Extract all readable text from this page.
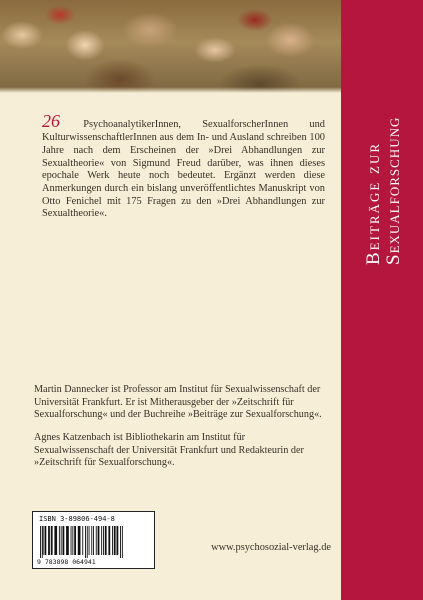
Beiträge zur Sexualforschung

26 PsychoanalytikerInnen, SexualforscherInnen und KulturwissenschaftlerInnen aus dem In- und Ausland schreiben 100 Jahre nach dem Erscheinen der »Drei Abhandlungen zur Sexualtheorie« von Sigmund Freud darüber, was ihnen dieses epochale Werk heute noch bedeutet. Ergänzt werden diese Anmerkungen durch ein bislang unveröffentlichtes Manuskript von Otto Fenichel mit 175 Fragen zu den »Drei Abhandlungen zur Sexualtheorie«.

Martin Dannecker ist Professor am Institut für Sexualwissenschaft der Universität Frankfurt. Er ist Mitherausgeber der »Zeitschrift für Sexualforschung« und der Buchreihe »Beiträge zur Sexualforschung«.

Agnes Katzenbach ist Bibliothekarin am Institut für Sexualwissenschaft der Universität Frankfurt und Redakteurin der »Zeitschrift für Sexualforschung«.

ISBN 3-89806-494-8
9 783898 064941
www.psychosozial-verlag.de
